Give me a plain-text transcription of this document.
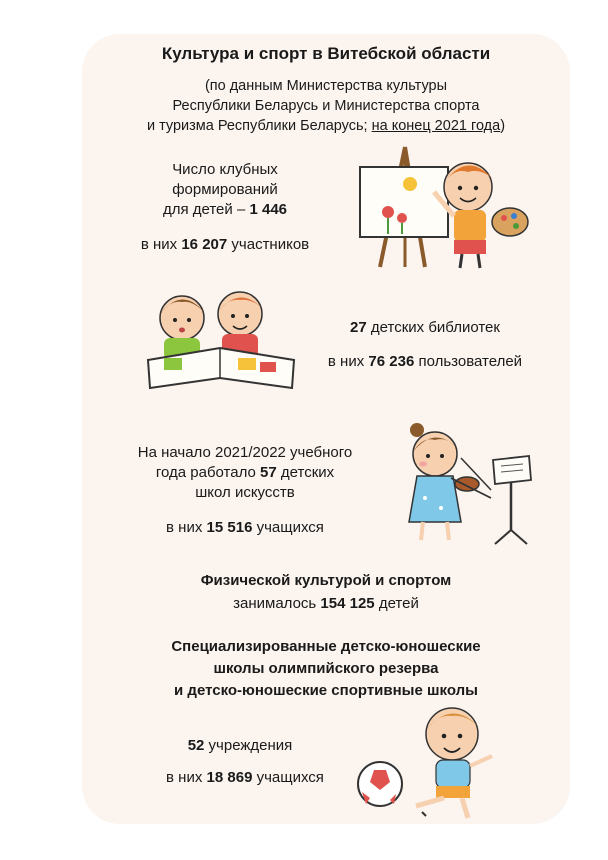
Культура и спорт в Витебской области
(по данным Министерства культуры
Республики Беларусь и Министерства спорта
и туризма Республики Беларусь; на конец 2021 года)
Число клубных
формирований
для детей – 1 446
в них 16 207 участников
27 детских библиотек
в них 76 236 пользователей
На начало 2021/2022 учебного
года работало 57 детских
школ искусств
в них 15 516 учащихся
Физической культурой и спортом
занималось 154 125 детей
Специализированные детско-юношеские
школы олимпийского резерва
и детско-юношеские спортивные школы
52 учреждения
в них 18 869 учащихся
